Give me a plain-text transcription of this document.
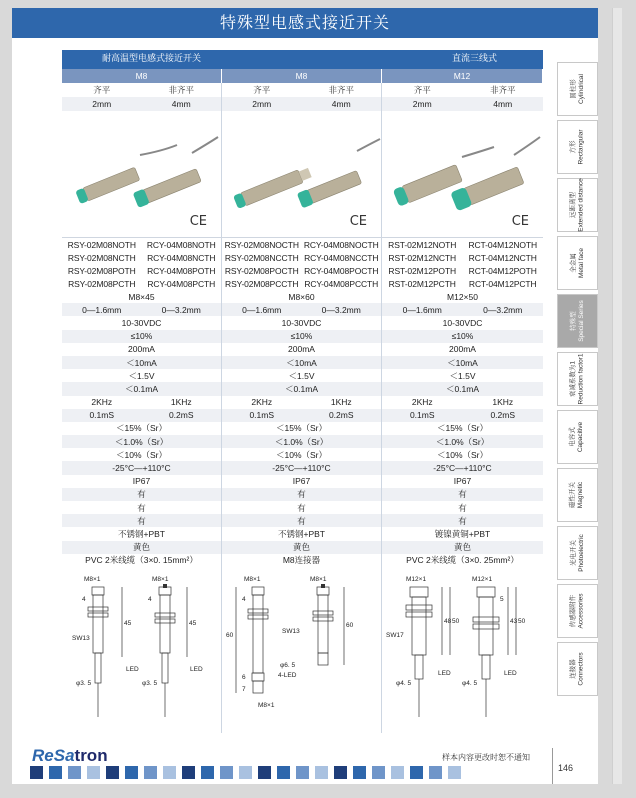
特殊型电感式接近开关
耐高温型电感式接近开关	直流三线式
M8	M8	M12
齐平	非齐平	齐平	非齐平	齐平	非齐平
2mm	4mm	2mm	4mm	2mm	4mm
CE	CE	CE
RSY-02M08NOTH	RCY-04M08NOTH	RSY-02M08NOCTH RCY-04M08NOCTH	RST-02M12NOTH	RCT-04M12NOTH
RSY-02M08NCTH	RCY-04M08NCTH	RSY-02M08NCCTH RCY-04M08NCCTH	RST-02M12NCTH	RCT-04M12NCTH
RSY-02M08POTH	RCY-04M08POTH	RSY-02M08POCTH RCY-04M08POCTH	RST-02M12POTH	RCT-04M12POTH
RSY-02M08PCTH	RCY-04M08PCTH	RSY-02M08PCCTH RCY-04M08PCCTH	RST-02M12PCTH	RCT-04M12PCTH
M8×45	M8×60	M12×50
0—1.6mm	0—3.2mm	0—1.6mm	0—3.2mm	0—1.6mm	0—3.2mm
10-30VDC	10-30VDC	10-30VDC
≤10%	≤10%	≤10%
200mA	200mA	200mA
＜10mA	＜10mA	＜10mA
＜1.5V	＜1.5V	＜1.5V
＜0.1mA	＜0.1mA	＜0.1mA
2KHz	1KHz	2KHz	1KHz	2KHz	1KHz
0.1mS	0.2mS	0.1mS	0.2mS	0.1mS	0.2mS
＜15%（Sr）	＜15%（Sr）	＜15%（Sr）
＜1.0%（Sr）	＜1.0%（Sr）	＜1.0%（Sr）
＜10%（Sr）	＜10%（Sr）	＜10%（Sr）
-25°C—+110°C	-25°C—+110°C	-25°C—+110°C
IP67	IP67	IP67
有	有	有
有	有	有
有	有	有
不锈钢+PBT	不锈钢+PBT	镀镍黄铜+PBT
黄色	黄色	黄色
PVC 2米线缆（3×0. 15mm²）	M8连接器	PVC 2米线缆（3×0. 25mm²）
M8×1	M8×1
SW13
LED	LED
φ3. 5	φ3. 5
45	45
4	4
M8×1	M8×1
SW13
4-LED
φ6. 5
60
60
M8×1
4
6
7
M12×1	M12×1
SW17
LED	LED
φ4. 5	φ4. 5
48 50	43 50
5
圆柱形 Cylindrical
方形 Rectangular
远距离型 Extended distance
全金属 Metal face
特殊型 Special Series
衰减系数为1 Reduction factor1
电容式 Capacitive
磁性开关 Magnetic
光电开关 Photoelectric
传感器附件 Accessories
连接器 Connectors
ReSatron	样本内容更改时恕不通知
146
